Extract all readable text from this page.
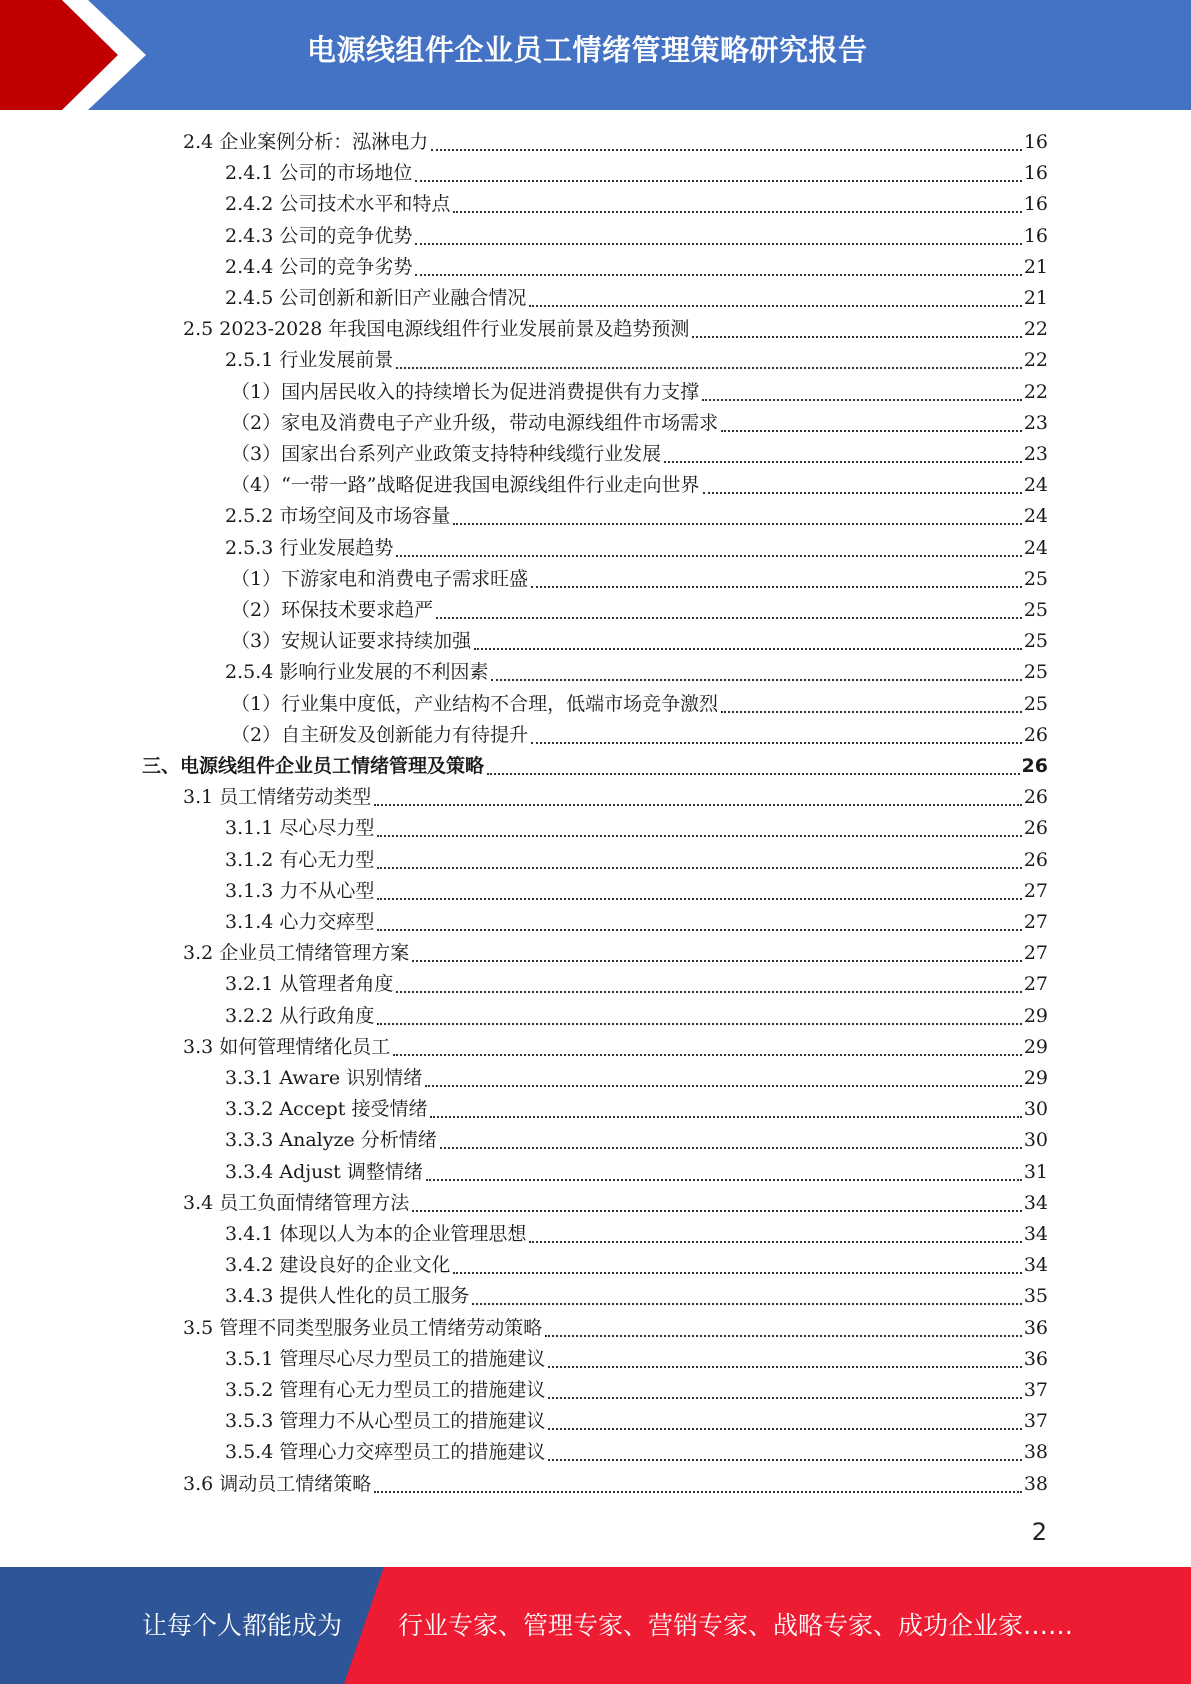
电源线组件企业员工情绪管理策略研究报告
2.4 企业案例分析：泓淋电力	16
2.4.1 公司的市场地位	16
2.4.2 公司技术水平和特点	16
2.4.3 公司的竞争优势	16
2.4.4 公司的竞争劣势	21
2.4.5 公司创新和新旧产业融合情况	21
2.5 2023-2028 年我国电源线组件行业发展前景及趋势预测	22
2.5.1 行业发展前景	22
（1）国内居民收入的持续增长为促进消费提供有力支撑	22
（2）家电及消费电子产业升级，带动电源线组件市场需求	23
（3）国家出台系列产业政策支持特种线缆行业发展	23
（4）“一带一路”战略促进我国电源线组件行业走向世界	24
2.5.2 市场空间及市场容量	24
2.5.3 行业发展趋势	24
（1）下游家电和消费电子需求旺盛	25
（2）环保技术要求趋严	25
（3）安规认证要求持续加强	25
2.5.4 影响行业发展的不利因素	25
（1）行业集中度低，产业结构不合理，低端市场竞争激烈	25
（2）自主研发及创新能力有待提升	26
三、电源线组件企业员工情绪管理及策略	26
3.1 员工情绪劳动类型	26
3.1.1 尽心尽力型	26
3.1.2 有心无力型	26
3.1.3 力不从心型	27
3.1.4 心力交瘁型	27
3.2 企业员工情绪管理方案	27
3.2.1 从管理者角度	27
3.2.2 从行政角度	29
3.3 如何管理情绪化员工	29
3.3.1 Aware 识别情绪	29
3.3.2 Accept 接受情绪	30
3.3.3 Analyze 分析情绪	30
3.3.4 Adjust 调整情绪	31
3.4 员工负面情绪管理方法	34
3.4.1 体现以人为本的企业管理思想	34
3.4.2 建设良好的企业文化	34
3.4.3 提供人性化的员工服务	35
3.5 管理不同类型服务业员工情绪劳动策略	36
3.5.1 管理尽心尽力型员工的措施建议	36
3.5.2 管理有心无力型员工的措施建议	37
3.5.3 管理力不从心型员工的措施建议	37
3.5.4 管理心力交瘁型员工的措施建议	38
3.6 调动员工情绪策略	38
2
让每个人都能成为 行业专家、管理专家、营销专家、战略专家、成功企业家……
